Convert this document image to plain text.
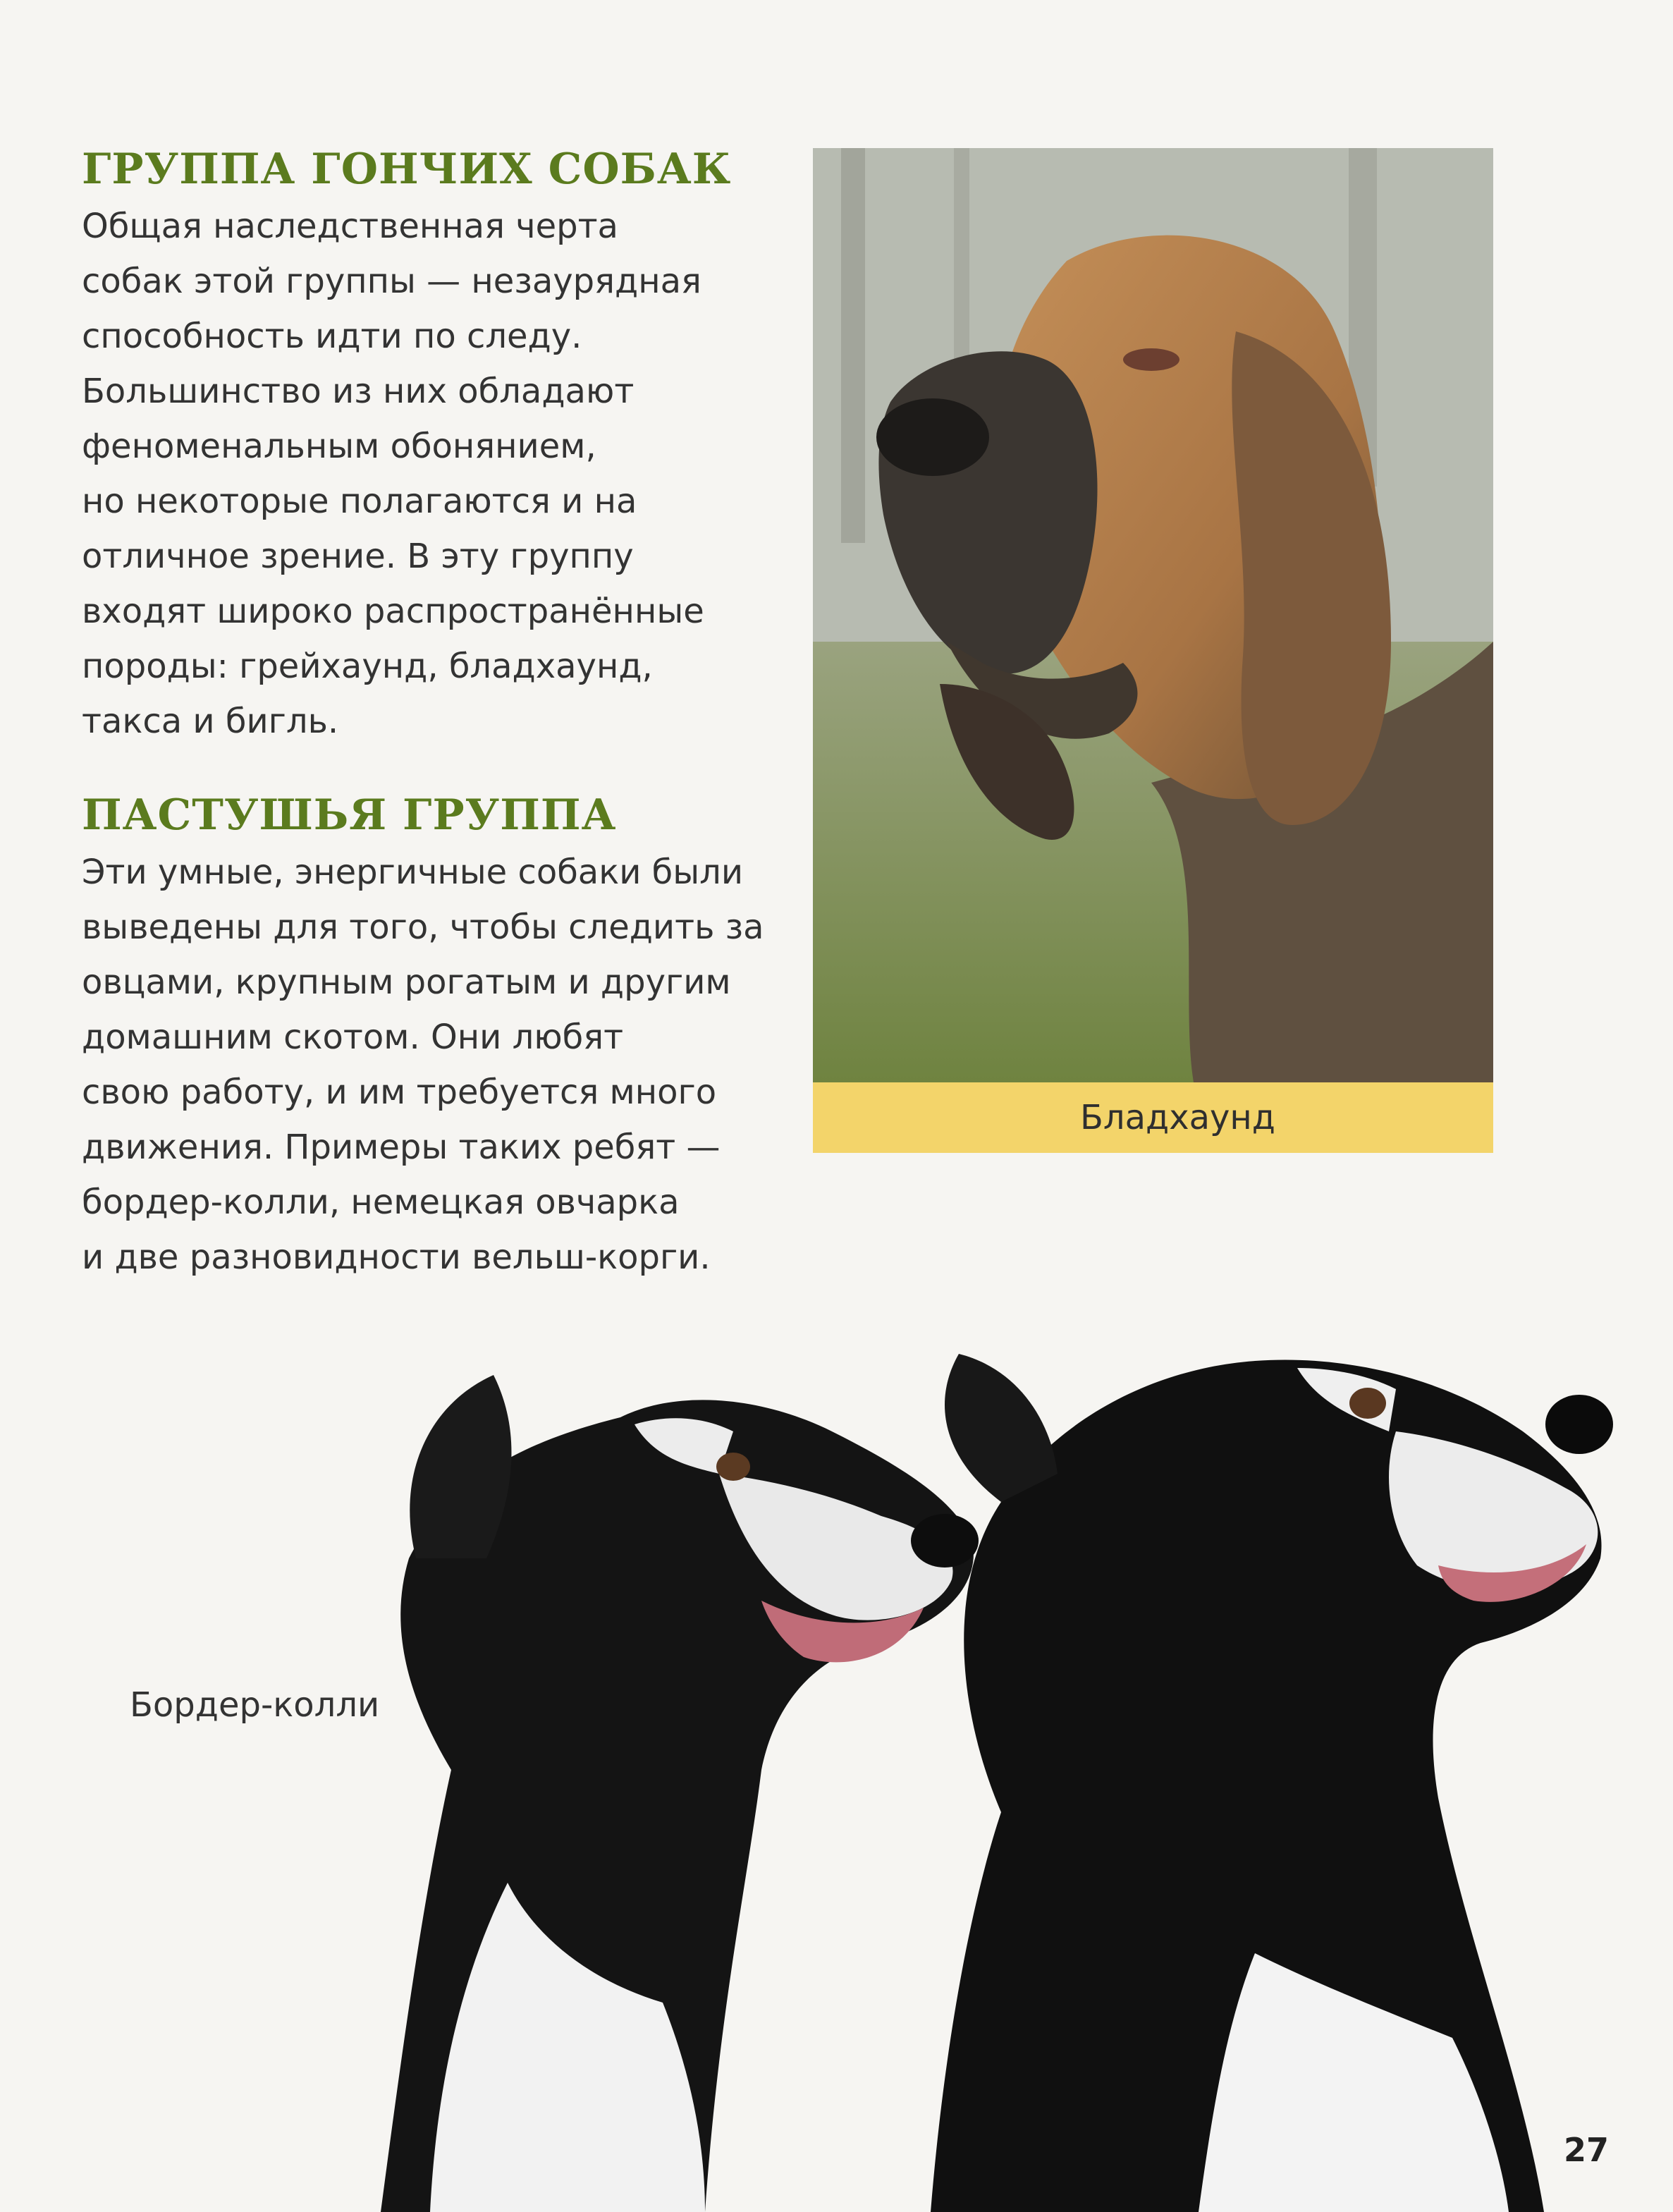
ГРУППА ГОНЧИХ СОБАК

Общая наследственная черта
собак этой группы — незаурядная
способность идти по следу.
Большинство из них обладают
феноменальным обонянием,
но некоторые полагаются и на
отличное зрение. В эту группу
входят широко распространённые
породы: грейхаунд, бладхаунд,
такса и бигль.

ПАСТУШЬЯ ГРУППА

Эти умные, энергичные собаки были
выведены для того, чтобы следить за
овцами, крупным рогатым и другим
домашним скотом. Они любят
свою работу, и им требуется много
движения. Примеры таких ребят —
бордер-колли, немецкая овчарка
и две разновидности вельш-корги.

Бладхаунд
Бордер-колли
27
